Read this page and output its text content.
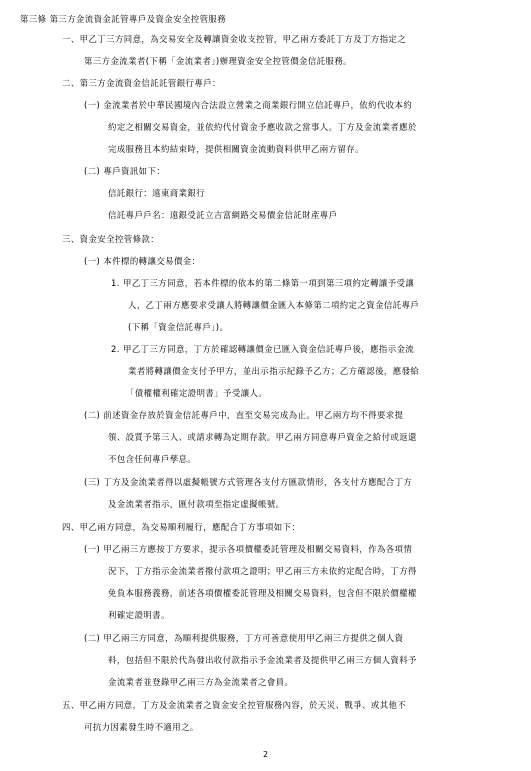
第三條 第三方金流資金託管專戶及資金安全控管服務
一、甲乙丁三方同意，為交易安全及轉讓資金收支控管，甲乙兩方委託丁方及丁方指定之
第三方金流業者(下稱「金流業者」)辦理資金安全控管價金信託服務。
二、第三方金流資金信託託管銀行專戶：
(一) 金流業者於中華民國境內合法設立營業之商業銀行開立信託專戶，依約代收本約
約定之相關交易資金，並依約代付資金予應收款之當事人。丁方及金流業者應於
完成服務且本約結束時，提供相關資金流動資料供甲乙兩方留存。
(二) 專戶資訊如下：
信託銀行：遠東商業銀行
信託專戶戶名：遠銀受託立吉富網路交易價金信託財產專戶
三、資金安全控管條款：
(一) 本件標的轉讓交易價金：
1. 甲乙丁三方同意，若本件標的依本約第二條第一項到第三項約定轉讓予受讓
人，乙丁兩方應要求受讓人將轉讓價金匯入本條第二項約定之資金信託專戶
(下稱「資金信託專戶」)。
2. 甲乙丁三方同意，丁方於確認轉讓價金已匯入資金信託專戶後，應指示金流
業者將轉讓價金支付予甲方，並出示指示紀錄予乙方；乙方確認後，應發給
「債權權利確定證明書」予受讓人。
(二) 前述資金存放於資金信託專戶中，直至交易完成為止。甲乙兩方均不得要求提
領、設質予第三人、或請求轉為定期存款。甲乙兩方同意專戶資金之給付或返還
不包含任何專戶孳息。
(三) 丁方及金流業者得以虛擬帳號方式管理各支付方匯款情形，各支付方應配合丁方
及金流業者指示，匯付款項至指定虛擬帳號。
四、甲乙兩方同意，為交易順利履行，應配合丁方事項如下：
(一) 甲乙兩三方應按丁方要求，提示各項價權委託管理及相關交易資料，作為各項情
況下，丁方指示金流業者撥付款項之證明；甲乙兩三方未依約定配合時，丁方得
免負本服務義務，前述各項價權委託管理及相關交易資料，包含但不限於價權權
利確定證明書。
(二) 甲乙兩三方同意，為順利提供服務，丁方可善意使用甲乙兩三方提供之個人資
料，包括但不限於代為發出收付款指示予金流業者及提供甲乙兩三方個人資料予
金流業者並登錄甲乙兩三方為金流業者之會員。
五、甲乙兩方同意，丁方及金流業者之資金安全控管服務內容，於天災、戰爭、或其他不
可抗力因素發生時不適用之。
2
